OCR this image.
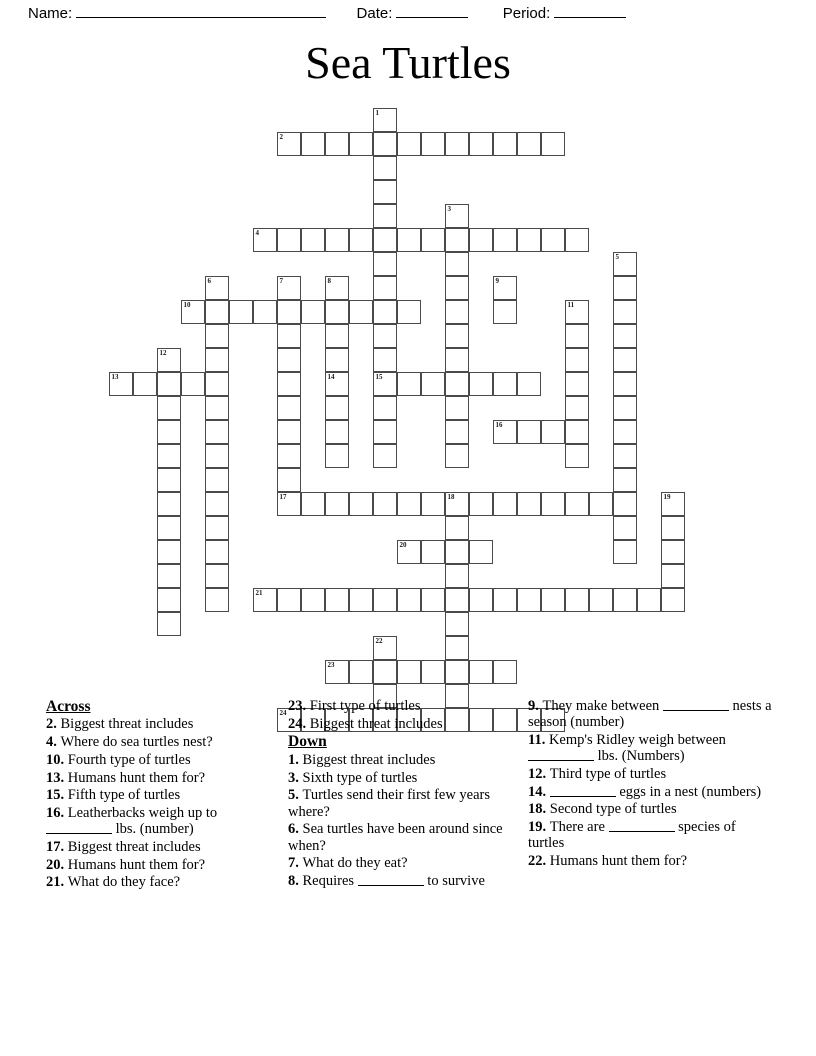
Name:	Date:	Period:
Sea Turtles
21
4
2
17
24
7
14
23
8
1
15
22
20
18
3
16
9
11
5
19
13
12
10
6
Across
2. Biggest threat includes
4. Where do sea turtles nest?
10. Fourth type of turtles
13. Humans hunt them for?
15. Fifth type of turtles
16. Leatherbacks weigh up to  lbs. (number)
17. Biggest threat includes
20. Humans hunt them for?
21. What do they face?
23. First type of turtles
24. Biggest threat includes
Down
1. Biggest threat includes
3. Sixth type of turtles
5. Turtles send their first few years where?
6. Sea turtles have been around since when?
7. What do they eat?
8. Requires	to survive
9. They make between	nests a season (number)
11. Kemp's Ridley weigh between  lbs. (Numbers)
12. Third type of turtles
14.	eggs in a nest (numbers)
18. Second type of turtles
19. There are	species of turtles
22. Humans hunt them for?
